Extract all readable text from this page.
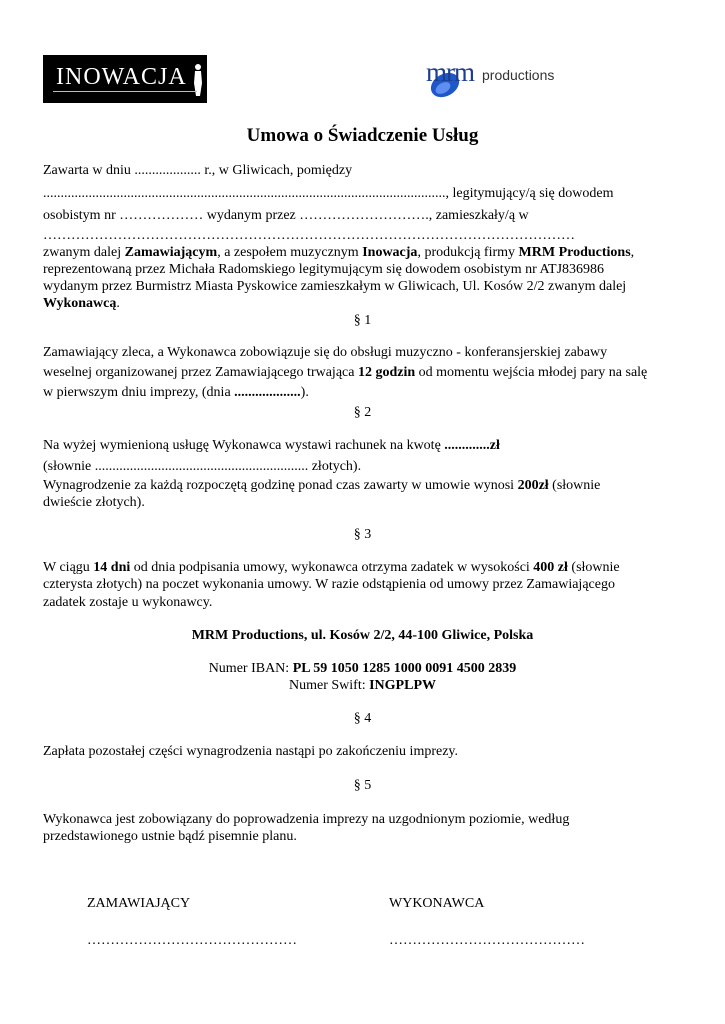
INOWACJA	mrm productions
Umowa o Świadczenie Usług
Zawarta w dniu ................... r., w Gliwicach, pomiędzy
..................................................................................................................., legitymujący/ą się dowodem
osobistym nr ……………… wydanym przez ………………………., zamieszkały/ą w
……………………………………………………………………………………………………
zwanym dalej Zamawiającym, a zespołem muzycznym Inowacja, produkcją firmy MRM Productions,
reprezentowaną przez Michała Radomskiego legitymującym się dowodem osobistym nr ATJ836986
wydanym przez Burmistrz Miasta Pyskowice zamieszkałym w Gliwicach, Ul. Kosów 2/2 zwanym dalej
Wykonawcą.
§ 1
Zamawiający zleca, a Wykonawca zobowiązuje się do obsługi muzyczno - konferansjerskiej zabawy
weselnej organizowanej przez Zamawiającego trwająca 12 godzin od momentu wejścia młodej pary na salę
w pierwszym dniu imprezy, (dnia ...................).
§ 2
Na wyżej wymienioną usługę Wykonawca wystawi rachunek na kwotę .............zł
(słownie ............................................................. złotych).
Wynagrodzenie za każdą rozpoczętą godzinę ponad czas zawarty w umowie wynosi 200zł (słownie
dwieście złotych).
§ 3
W ciągu 14 dni od dnia podpisania umowy, wykonawca otrzyma zadatek w wysokości 400 zł (słownie
czterysta złotych) na poczet wykonania umowy. W razie odstąpienia od umowy przez Zamawiającego
zadatek zostaje u wykonawcy.
MRM Productions, ul. Kosów 2/2, 44-100 Gliwice, Polska
Numer IBAN: PL 59 1050 1285 1000 0091 4500 2839
Numer Swift: INGPLPW
§ 4
Zapłata pozostałej części wynagrodzenia nastąpi po zakończeniu imprezy.
§ 5
Wykonawca jest zobowiązany do poprowadzenia imprezy na uzgodnionym poziomie, według
przedstawionego ustnie bądź pisemnie planu.
ZAMAWIAJĄCY	WYKONAWCA
………………………………………	……………………………………
